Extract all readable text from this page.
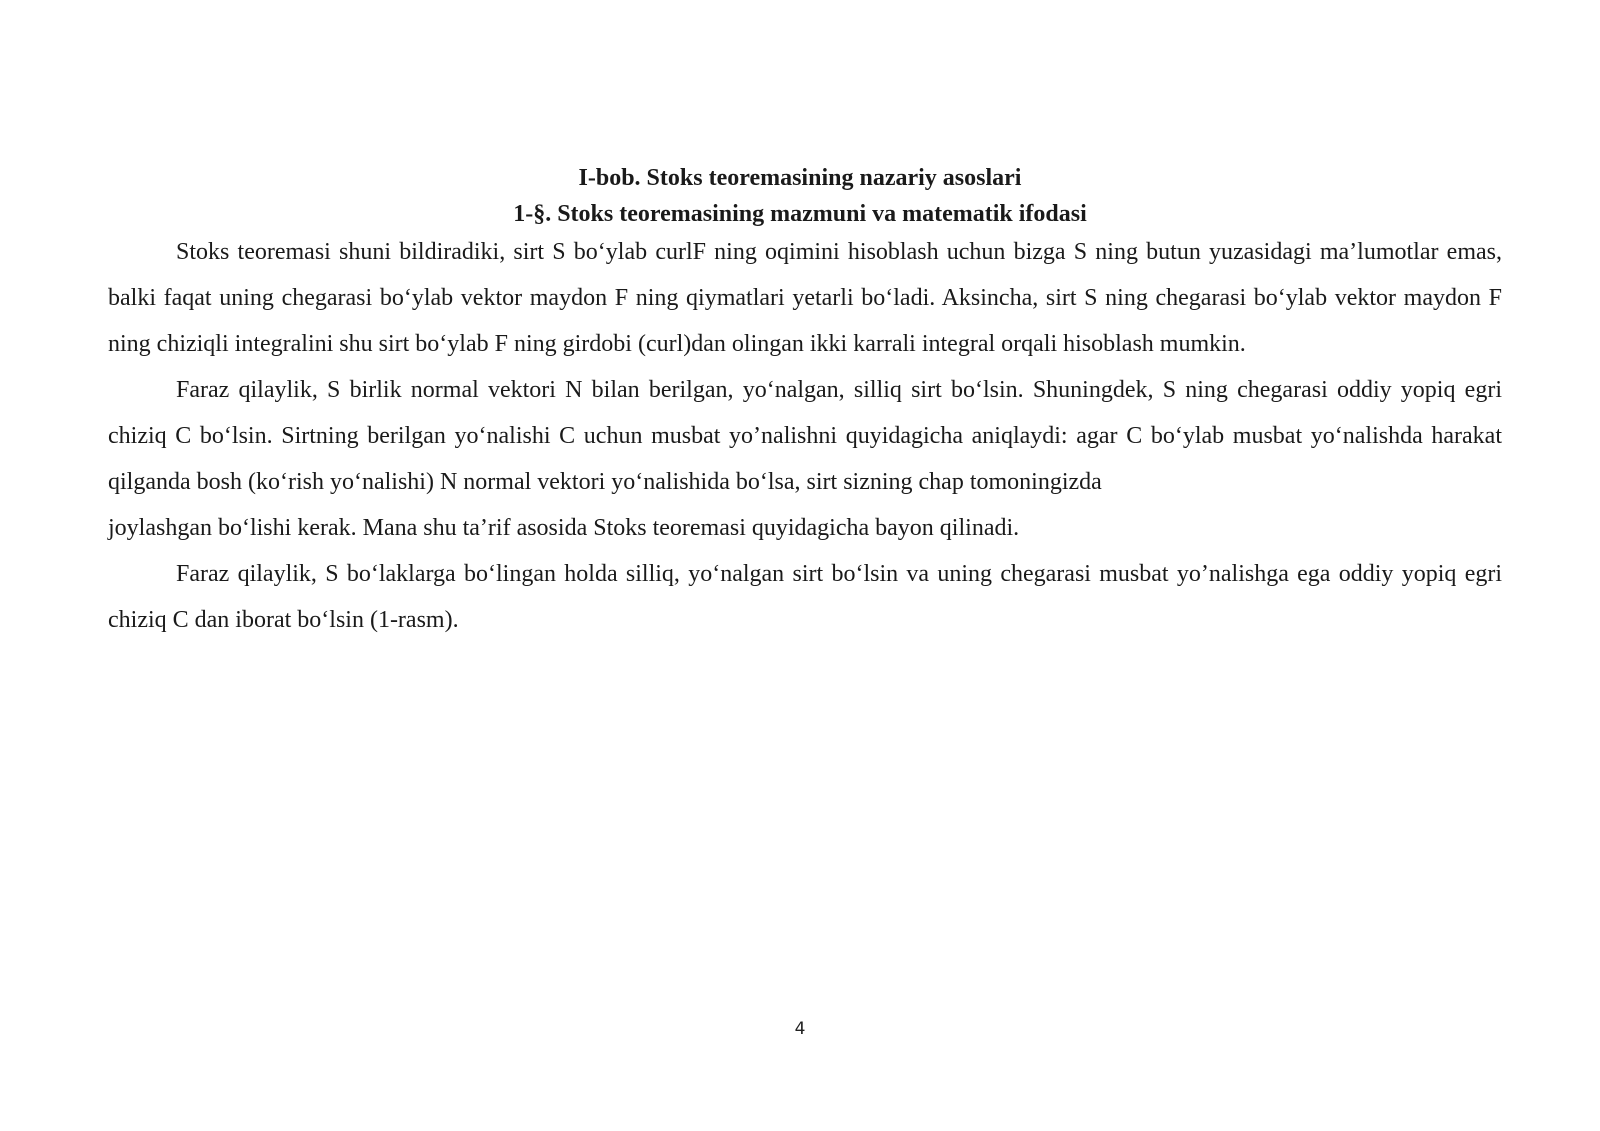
I-bob. Stoks teoremasining nazariy asoslari

1-§. Stoks teoremasining mazmuni va matematik ifodasi

Stoks teoremasi shuni bildiradiki, sirt S bo‘ylab curlF ning oqimini hisoblash uchun bizga S ning butun yuzasidagi ma’lumotlar emas, balki faqat uning chegarasi bo‘ylab vektor maydon F ning qiymatlari yetarli bo‘ladi. Aksincha, sirt S ning chegarasi bo‘ylab vektor maydon F ning chiziqli integralini shu sirt bo‘ylab F ning girdobi (curl)dan olingan ikki karrali integral orqali hisoblash mumkin.

Faraz qilaylik, S birlik normal vektori N bilan berilgan, yo‘nalgan, silliq sirt bo‘lsin. Shuningdek, S ning chegarasi oddiy yopiq egri chiziq C bo‘lsin. Sirtning berilgan yo‘nalishi C uchun musbat yo’nalishni quyidagicha aniqlaydi: agar C bo‘ylab musbat yo‘nalishda harakat qilganda bosh (ko‘rish yo‘nalishi) N normal vektori yo‘nalishida bo‘lsa, sirt sizning chap tomoningizda

joylashgan bo‘lishi kerak. Mana shu ta’rif asosida Stoks teoremasi quyidagicha bayon qilinadi.

Faraz qilaylik, S bo‘laklarga bo‘lingan holda silliq, yo‘nalgan sirt bo‘lsin va uning chegarasi musbat yo’nalishga ega oddiy yopiq egri chiziq C dan iborat bo‘lsin (1-rasm).

4
